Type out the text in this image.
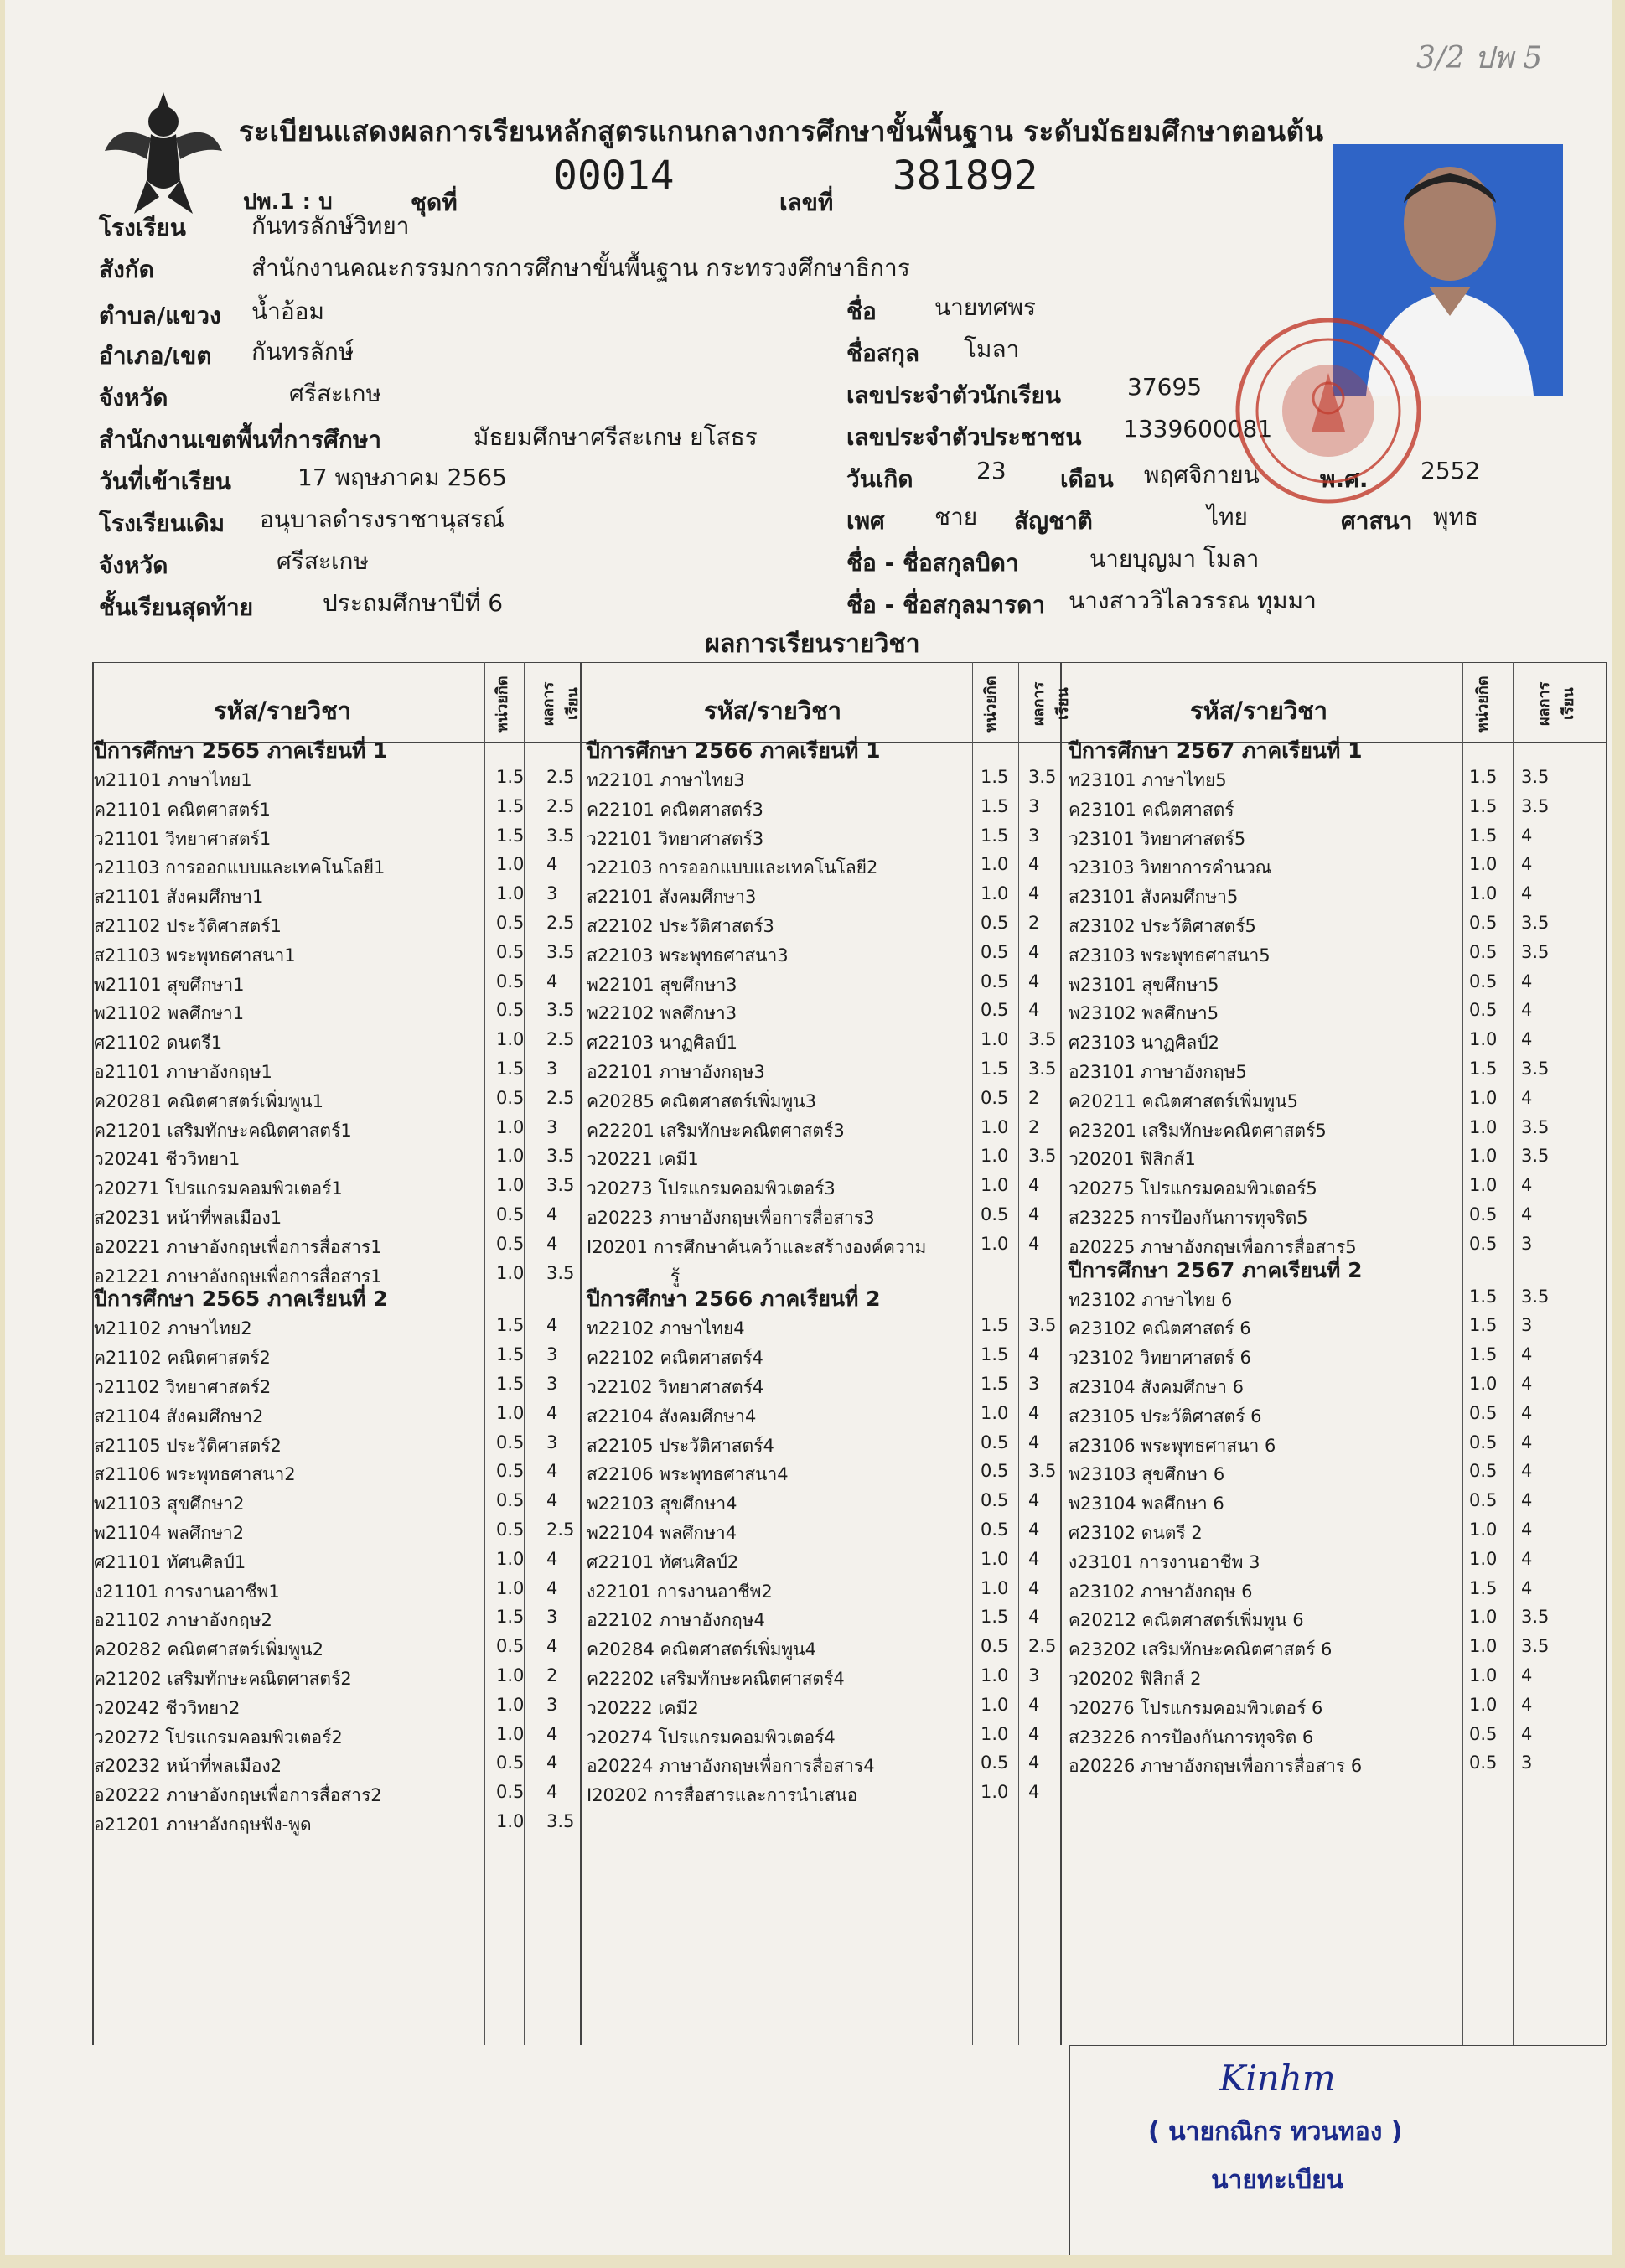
3/2 ปพ 5
ระเบียนแสดงผลการเรียนหลักสูตรแกนกลางการศึกษาขั้นพื้นฐาน ระดับมัธยมศึกษาตอนต้น
ปพ.1 : บ	ชุดที่
00014
เลขที่
381892
โรงเรียน	กันทรลักษ์วิทยา
สังกัด	สำนักงานคณะกรรมการการศึกษาขั้นพื้นฐาน กระทรวงศึกษาธิการ
ตำบล/แขวง น้ำอ้อม
อำเภอ/เขต กันทรลักษ์
จังหวัด	ศรีสะเกษ
สำนักงานเขตพื้นที่การศึกษา	มัธยมศึกษาศรีสะเกษ ยโสธร
วันที่เข้าเรียน	17 พฤษภาคม 2565
โรงเรียนเดิม อนุบาลดำรงราชานุสรณ์
จังหวัด	ศรีสะเกษ
ชั้นเรียนสุดท้าย	ประถมศึกษาปีที่ 6
ชื่อ นายทศพร
ชื่อสกุล โมลา
เลขประจำตัวนักเรียน	37695
เลขประจำตัวประชาชน 1339600081
วันเกิด	23 เดือน พฤศจิกายน	พ.ศ. 2552
เพศ ชาย สัญชาติ	ไทย	ศาสนา พุทธ
ชื่อ - ชื่อสกุลบิดา	นายบุญมา โมลา
ชื่อ - ชื่อสกุลมารดา นางสาววิไลวรรณ ทุมมา
ผลการเรียนรายวิชา
รหัส/รายวิชา	หน่วยกิต ผลการเรียน	รหัส/รายวิชา	หน่วยกิต ผลการเรียน	รหัส/รายวิชา	หน่วยกิต	ผลการเรียน
ปีการศึกษา 2565 ภาคเรียนที่ 1
ท21101 ภาษาไทย1	1.5 2.5
ค21101 คณิตศาสตร์1	1.5 2.5
ว21101 วิทยาศาสตร์1	1.5 3.5
ว21103 การออกแบบและเทคโนโลยี1	1.0 4
ส21101 สังคมศึกษา1	1.0 3
ส21102 ประวัติศาสตร์1	0.5 2.5
ส21103 พระพุทธศาสนา1	0.5 3.5
พ21101 สุขศึกษา1	0.5 4
พ21102 พลศึกษา1	0.5 3.5
ศ21102 ดนตรี1	1.0 2.5
อ21101 ภาษาอังกฤษ1	1.5 3
ค20281 คณิตศาสตร์เพิ่มพูน1	0.5 2.5
ค21201 เสริมทักษะคณิตศาสตร์1	1.0 3
ว20241 ชีววิทยา1	1.0 3.5
ว20271 โปรแกรมคอมพิวเตอร์1	1.0 3.5
ส20231 หน้าที่พลเมือง1	0.5 4
อ20221 ภาษาอังกฤษเพื่อการสื่อสาร1	0.5 4
อ21221 ภาษาอังกฤษเพื่อการสื่อสาร1	1.0 3.5
ปีการศึกษา 2565 ภาคเรียนที่ 2
ท21102 ภาษาไทย2	1.5 4
ค21102 คณิตศาสตร์2	1.5 3
ว21102 วิทยาศาสตร์2	1.5 3
ส21104 สังคมศึกษา2	1.0 4
ส21105 ประวัติศาสตร์2	0.5 3
ส21106 พระพุทธศาสนา2	0.5 4
พ21103 สุขศึกษา2	0.5 4
พ21104 พลศึกษา2	0.5 2.5
ศ21101 ทัศนศิลป์1	1.0 4
ง21101 การงานอาชีพ1	1.0 4
อ21102 ภาษาอังกฤษ2	1.5 3
ค20282 คณิตศาสตร์เพิ่มพูน2	0.5 4
ค21202 เสริมทักษะคณิตศาสตร์2	1.0 2
ว20242 ชีววิทยา2	1.0 3
ว20272 โปรแกรมคอมพิวเตอร์2	1.0 4
ส20232 หน้าที่พลเมือง2	0.5 4
อ20222 ภาษาอังกฤษเพื่อการสื่อสาร2	0.5 4
อ21201 ภาษาอังกฤษฟัง-พูด	1.0 3.5
ปีการศึกษา 2566 ภาคเรียนที่ 1
ท22101 ภาษาไทย3	1.5 3.5
ค22101 คณิตศาสตร์3	1.5 3
ว22101 วิทยาศาสตร์3	1.5 3
ว22103 การออกแบบและเทคโนโลยี2	1.0 4
ส22101 สังคมศึกษา3	1.0 4
ส22102 ประวัติศาสตร์3	0.5 2
ส22103 พระพุทธศาสนา3	0.5 4
พ22101 สุขศึกษา3	0.5 4
พ22102 พลศึกษา3	0.5 4
ศ22103 นาฏศิลป์1	1.0 3.5
อ22101 ภาษาอังกฤษ3	1.5 3.5
ค20285 คณิตศาสตร์เพิ่มพูน3	0.5 2
ค22201 เสริมทักษะคณิตศาสตร์3	1.0 2
ว20221 เคมี1	1.0 3.5
ว20273 โปรแกรมคอมพิวเตอร์3	1.0 4
อ20223 ภาษาอังกฤษเพื่อการสื่อสาร3	0.5 4
I20201 การศึกษาค้นคว้าและสร้างองค์ความ	1.0 4
รู้
ปีการศึกษา 2566 ภาคเรียนที่ 2
ท22102 ภาษาไทย4	1.5 3.5
ค22102 คณิตศาสตร์4	1.5 4
ว22102 วิทยาศาสตร์4	1.5 3
ส22104 สังคมศึกษา4	1.0 4
ส22105 ประวัติศาสตร์4	0.5 4
ส22106 พระพุทธศาสนา4	0.5 3.5
พ22103 สุขศึกษา4	0.5 4
พ22104 พลศึกษา4	0.5 4
ศ22101 ทัศนศิลป์2	1.0 4
ง22101 การงานอาชีพ2	1.0 4
อ22102 ภาษาอังกฤษ4	1.5 4
ค20284 คณิตศาสตร์เพิ่มพูน4	0.5 2.5
ค22202 เสริมทักษะคณิตศาสตร์4	1.0 3
ว20222 เคมี2	1.0 4
ว20274 โปรแกรมคอมพิวเตอร์4	1.0 4
อ20224 ภาษาอังกฤษเพื่อการสื่อสาร4	0.5 4
I20202 การสื่อสารและการนำเสนอ	1.0 4
ปีการศึกษา 2567 ภาคเรียนที่ 1
ท23101 ภาษาไทย5	1.5 3.5
ค23101 คณิตศาสตร์	1.5 3.5
ว23101 วิทยาศาสตร์5	1.5 4
ว23103 วิทยาการคำนวณ	1.0 4
ส23101 สังคมศึกษา5	1.0 4
ส23102 ประวัติศาสตร์5	0.5 3.5
ส23103 พระพุทธศาสนา5	0.5 3.5
พ23101 สุขศึกษา5	0.5 4
พ23102 พลศึกษา5	0.5 4
ศ23103 นาฏศิลป์2	1.0 4
อ23101 ภาษาอังกฤษ5	1.5 3.5
ค20211 คณิตศาสตร์เพิ่มพูน5	1.0 4
ค23201 เสริมทักษะคณิตศาสตร์5	1.0 3.5
ว20201 ฟิสิกส์1	1.0 3.5
ว20275 โปรแกรมคอมพิวเตอร์5	1.0 4
ส23225 การป้องกันการทุจริต5	0.5 4
อ20225 ภาษาอังกฤษเพื่อการสื่อสาร5	0.5 3
ปีการศึกษา 2567 ภาคเรียนที่ 2
ท23102 ภาษาไทย 6	1.5 3.5
ค23102 คณิตศาสตร์ 6	1.5 3
ว23102 วิทยาศาสตร์ 6	1.5 4
ส23104 สังคมศึกษา 6	1.0 4
ส23105 ประวัติศาสตร์ 6	0.5 4
ส23106 พระพุทธศาสนา 6	0.5 4
พ23103 สุขศึกษา 6	0.5 4
พ23104 พลศึกษา 6	0.5 4
ศ23102 ดนตรี 2	1.0 4
ง23101 การงานอาชีพ 3	1.0 4
อ23102 ภาษาอังกฤษ 6	1.5 4
ค20212 คณิตศาสตร์เพิ่มพูน 6	1.0 3.5
ค23202 เสริมทักษะคณิตศาสตร์ 6	1.0 3.5
ว20202 ฟิสิกส์ 2	1.0 4
ว20276 โปรแกรมคอมพิวเตอร์ 6	1.0 4
ส23226 การป้องกันการทุจริต 6	0.5 4
อ20226 ภาษาอังกฤษเพื่อการสื่อสาร 6	0.5 3
Kinhm
( นายกณิกร ทวนทอง )
นายทะเบียน
